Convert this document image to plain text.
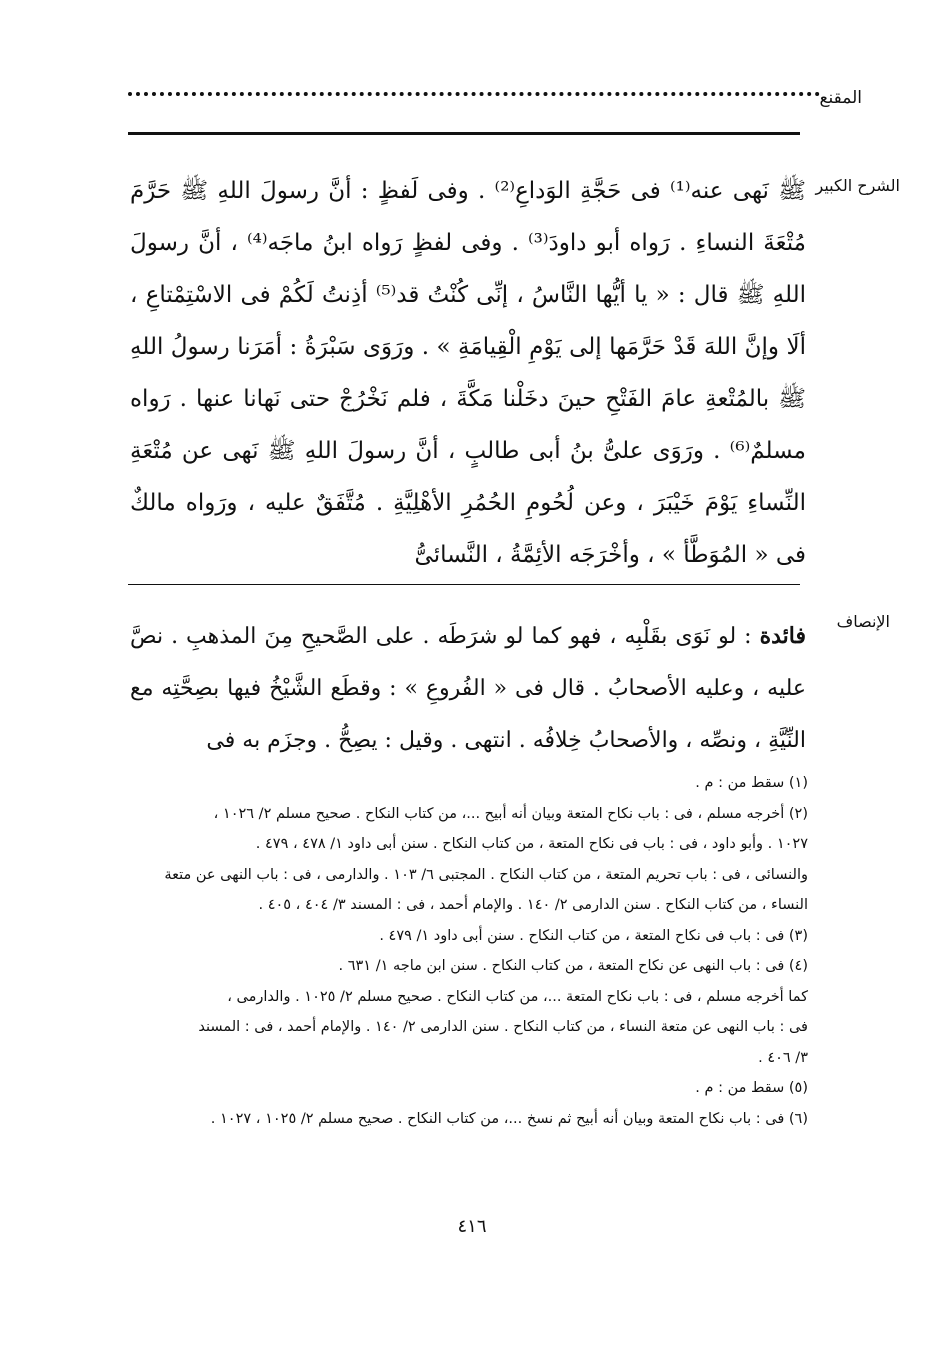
المقنع
الشرح الكبير
ﷺ نَهى عنه⁽¹⁾ فى حَجَّةِ الوَداعِ⁽²⁾ . وفى لَفظٍ : أنَّ رسولَ اللهِ ﷺ حَرَّمَ مُتْعَةَ النساءِ . رَواه أبو داودَ⁽³⁾ . وفى لفظٍ رَواه ابنُ ماجَه⁽⁴⁾ ، أنَّ رسولَ اللهِ ﷺ قال : « يا أيُّها النَّاسُ ، إنِّى كُنْتُ قد⁽⁵⁾ أذِنتُ لَكُمْ فى الاسْتِمْتاعِ ، ألَا وإنَّ اللهَ قَدْ حَرَّمَها إلى يَوْمِ الْقِيامَةِ » . ورَوَى سَبْرَةُ : أمَرَنا رسولُ اللهِ ﷺ بالمُتْعةِ عامَ الفَتْحِ حينَ دخَلْنا مَكَّةَ ، فلم نَخْرُجْ حتى نَهانا عنها . رَواه مسلمٌ⁽⁶⁾ . ورَوَى علىُّ بنُ أبى طالبٍ ، أنَّ رسولَ اللهِ ﷺ نَهى عن مُتْعَةِ النِّساءِ يَوْمَ خَيْبَرَ ، وعن لُحُومِ الحُمُرِ الأهْلِيَّةِ . مُتَّفَقٌ عليه ، ورَواه مالكٌ فى « المُوَطَّأ » ، وأخْرَجَه الأئِمَّةُ ، النَّسائىُّ
الإنصاف
فائدة : لو نَوَى بقَلْبِه ، فهو كما لو شرَطَه . على الصَّحيحِ مِنَ المذهبِ . نصَّ عليه ، وعليه الأصحابُ . قال فى « الفُروعِ » : وقطَع الشَّيْخُ فيها بصِحَّتِه مع النِّيَّةِ ، ونصِّه ، والأصحابُ خِلافُه . انتهى . وقيل : يصِحُّ . وجزَم به فى

(١) سقط من : م .

(٢) أخرجه مسلم ، فى : باب نكاح المتعة وبيان أنه أبيح ...، من كتاب النكاح . صحيح مسلم ٢/ ١٠٢٦ ،

١٠٢٧ . وأبو داود ، فى : باب فى نكاح المتعة ، من كتاب النكاح . سنن أبى داود ١/ ٤٧٨ ، ٤٧٩ .

والنسائى ، فى : باب تحريم المتعة ، من كتاب النكاح . المجتبى ٦/ ١٠٣ . والدارمى ، فى : باب النهى عن متعة

النساء ، من كتاب النكاح . سنن الدارمى ٢/ ١٤٠ . والإمام أحمد ، فى : المسند ٣/ ٤٠٤ ، ٤٠٥ .

(٣) فى : باب فى نكاح المتعة ، من كتاب النكاح . سنن أبى داود ١/ ٤٧٩ .

(٤) فى : باب النهى عن نكاح المتعة ، من كتاب النكاح . سنن ابن ماجه ١/ ٦٣١ .

كما أخرجه مسلم ، فى : باب نكاح المتعة ...، من كتاب النكاح . صحيح مسلم ٢/ ١٠٢٥ . والدارمى ،

فى : باب النهى عن متعة النساء ، من كتاب النكاح . سنن الدارمى ٢/ ١٤٠ . والإمام أحمد ، فى : المسند

٣/ ٤٠٦ .

(٥) سقط من : م .

(٦) فى : باب نكاح المتعة وبيان أنه أبيح ثم نسخ ...، من كتاب النكاح . صحيح مسلم ٢/ ١٠٢٥ ، ١٠٢٧ .

٤١٦
